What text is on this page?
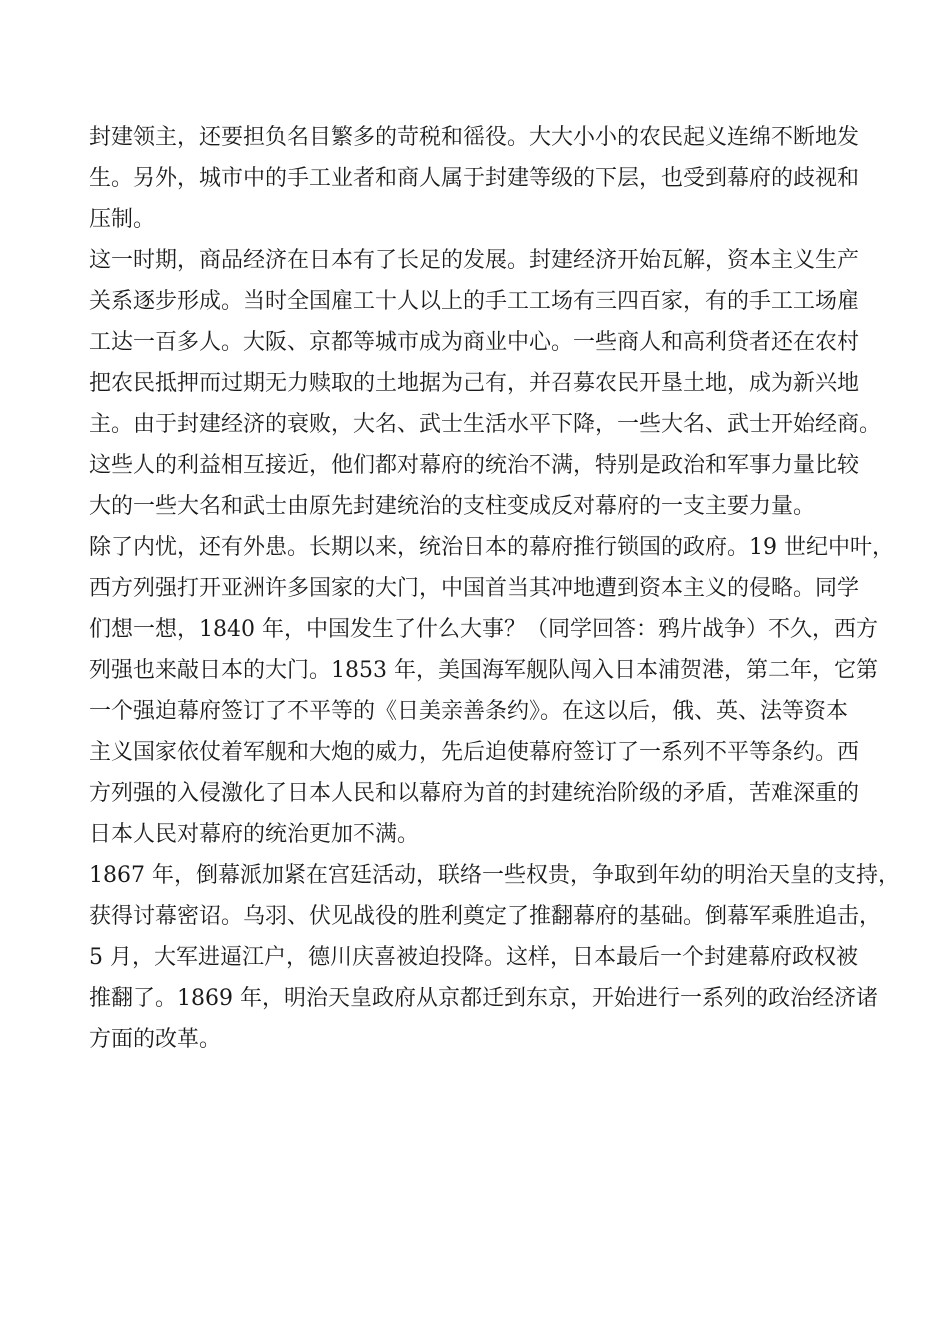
封建领主，还要担负名目繁多的苛税和徭役。大大小小的农民起义连绵不断地发
生。另外，城市中的手工业者和商人属于封建等级的下层，也受到幕府的歧视和
压制。
这一时期，商品经济在日本有了长足的发展。封建经济开始瓦解，资本主义生产
关系逐步形成。当时全国雇工十人以上的手工工场有三四百家，有的手工工场雇
工达一百多人。大阪、京都等城市成为商业中心。一些商人和高利贷者还在农村
把农民抵押而过期无力赎取的土地据为己有，并召募农民开垦土地，成为新兴地
主。由于封建经济的衰败，大名、武士生活水平下降，一些大名、武士开始经商。
这些人的利益相互接近，他们都对幕府的统治不满，特别是政治和军事力量比较
大的一些大名和武士由原先封建统治的支柱变成反对幕府的一支主要力量。
除了内忧，还有外患。长期以来，统治日本的幕府推行锁国的政府。19 世纪中叶，
西方列强打开亚洲许多国家的大门，中国首当其冲地遭到资本主义的侵略。同学
们想一想，1840 年，中国发生了什么大事？（同学回答：鸦片战争）不久，西方
列强也来敲日本的大门。1853 年，美国海军舰队闯入日本浦贺港，第二年，它第
一个强迫幕府签订了不平等的《日美亲善条约》。在这以后，俄、英、法等资本
主义国家依仗着军舰和大炮的威力，先后迫使幕府签订了一系列不平等条约。西
方列强的入侵激化了日本人民和以幕府为首的封建统治阶级的矛盾，苦难深重的
日本人民对幕府的统治更加不满。
1867 年，倒幕派加紧在宫廷活动，联络一些权贵，争取到年幼的明治天皇的支持，
获得讨幕密诏。乌羽、伏见战役的胜利奠定了推翻幕府的基础。倒幕军乘胜追击，
5 月，大军进逼江户，德川庆喜被迫投降。这样，日本最后一个封建幕府政权被
推翻了。1869 年，明治天皇政府从京都迁到东京，开始进行一系列的政治经济诸
方面的改革。
